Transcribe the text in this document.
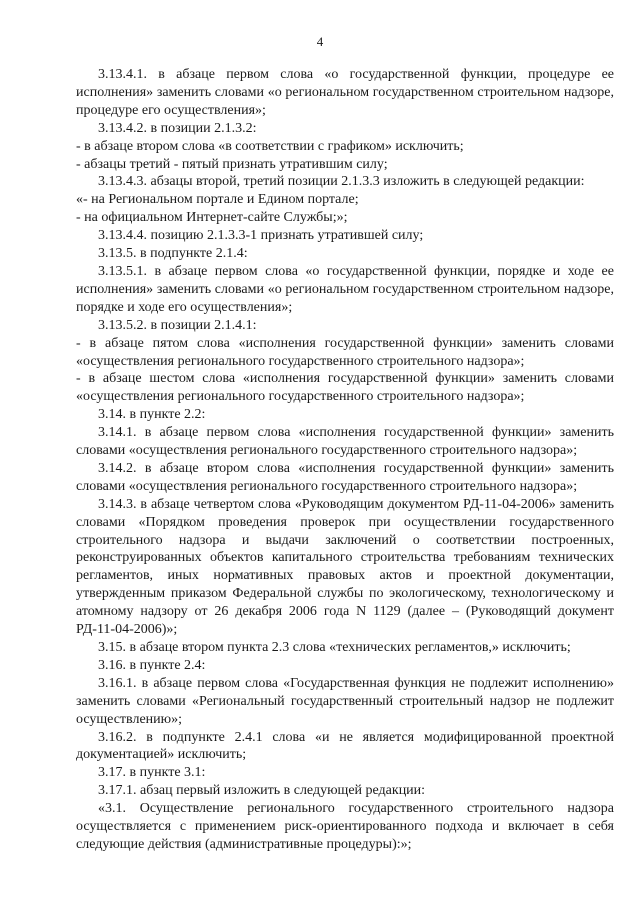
4

3.13.4.1. в абзаце первом слова «о государственной функции, процедуре ее исполнения» заменить словами «о региональном государственном строительном надзоре, процедуре его осуществления»;

3.13.4.2. в позиции 2.1.3.2:

- в абзаце втором слова «в соответствии с графиком» исключить;

- абзацы третий - пятый признать утратившим силу;

3.13.4.3. абзацы второй, третий позиции 2.1.3.3 изложить в следующей редакции:

«- на Региональном портале и Едином портале;

- на официальном Интернет-сайте Службы;»;

3.13.4.4. позицию 2.1.3.3-1 признать утратившей силу;

3.13.5. в подпункте 2.1.4:

3.13.5.1. в абзаце первом слова «о государственной функции, порядке и ходе ее исполнения» заменить словами «о региональном государственном строительном надзоре, порядке и ходе его осуществления»;

3.13.5.2. в позиции 2.1.4.1:

- в абзаце пятом слова «исполнения государственной функции» заменить словами «осуществления регионального государственного строительного надзора»;

- в абзаце шестом слова «исполнения государственной функции» заменить словами «осуществления регионального государственного строительного надзора»;

3.14. в пункте 2.2:

3.14.1. в абзаце первом слова «исполнения государственной функции» заменить словами «осуществления регионального государственного строительного надзора»;

3.14.2. в абзаце втором слова «исполнения государственной функции» заменить словами «осуществления регионального государственного строительного надзора»;

3.14.3. в абзаце четвертом слова «Руководящим документом РД-11-04-2006» заменить словами «Порядком проведения проверок при осуществлении государственного строительного надзора и выдачи заключений о соответствии построенных, реконструированных объектов капитального строительства требованиям технических регламентов, иных нормативных правовых актов и проектной документации, утвержденным приказом Федеральной службы по экологическому, технологическому и атомному надзору от 26 декабря 2006 года N 1129 (далее – (Руководящий документ РД-11-04-2006)»;

3.15. в абзаце втором пункта 2.3 слова «технических регламентов,» исключить;

3.16. в пункте 2.4:

3.16.1. в абзаце первом слова «Государственная функция не подлежит исполнению» заменить словами «Региональный государственный строительный надзор не подлежит осуществлению»;

3.16.2. в подпункте 2.4.1 слова «и не является модифицированной проектной документацией» исключить;

3.17. в пункте 3.1:

3.17.1. абзац первый изложить в следующей редакции:

«3.1. Осуществление регионального государственного строительного надзора осуществляется с применением риск-ориентированного подхода и включает в себя следующие действия (административные процедуры):»;
